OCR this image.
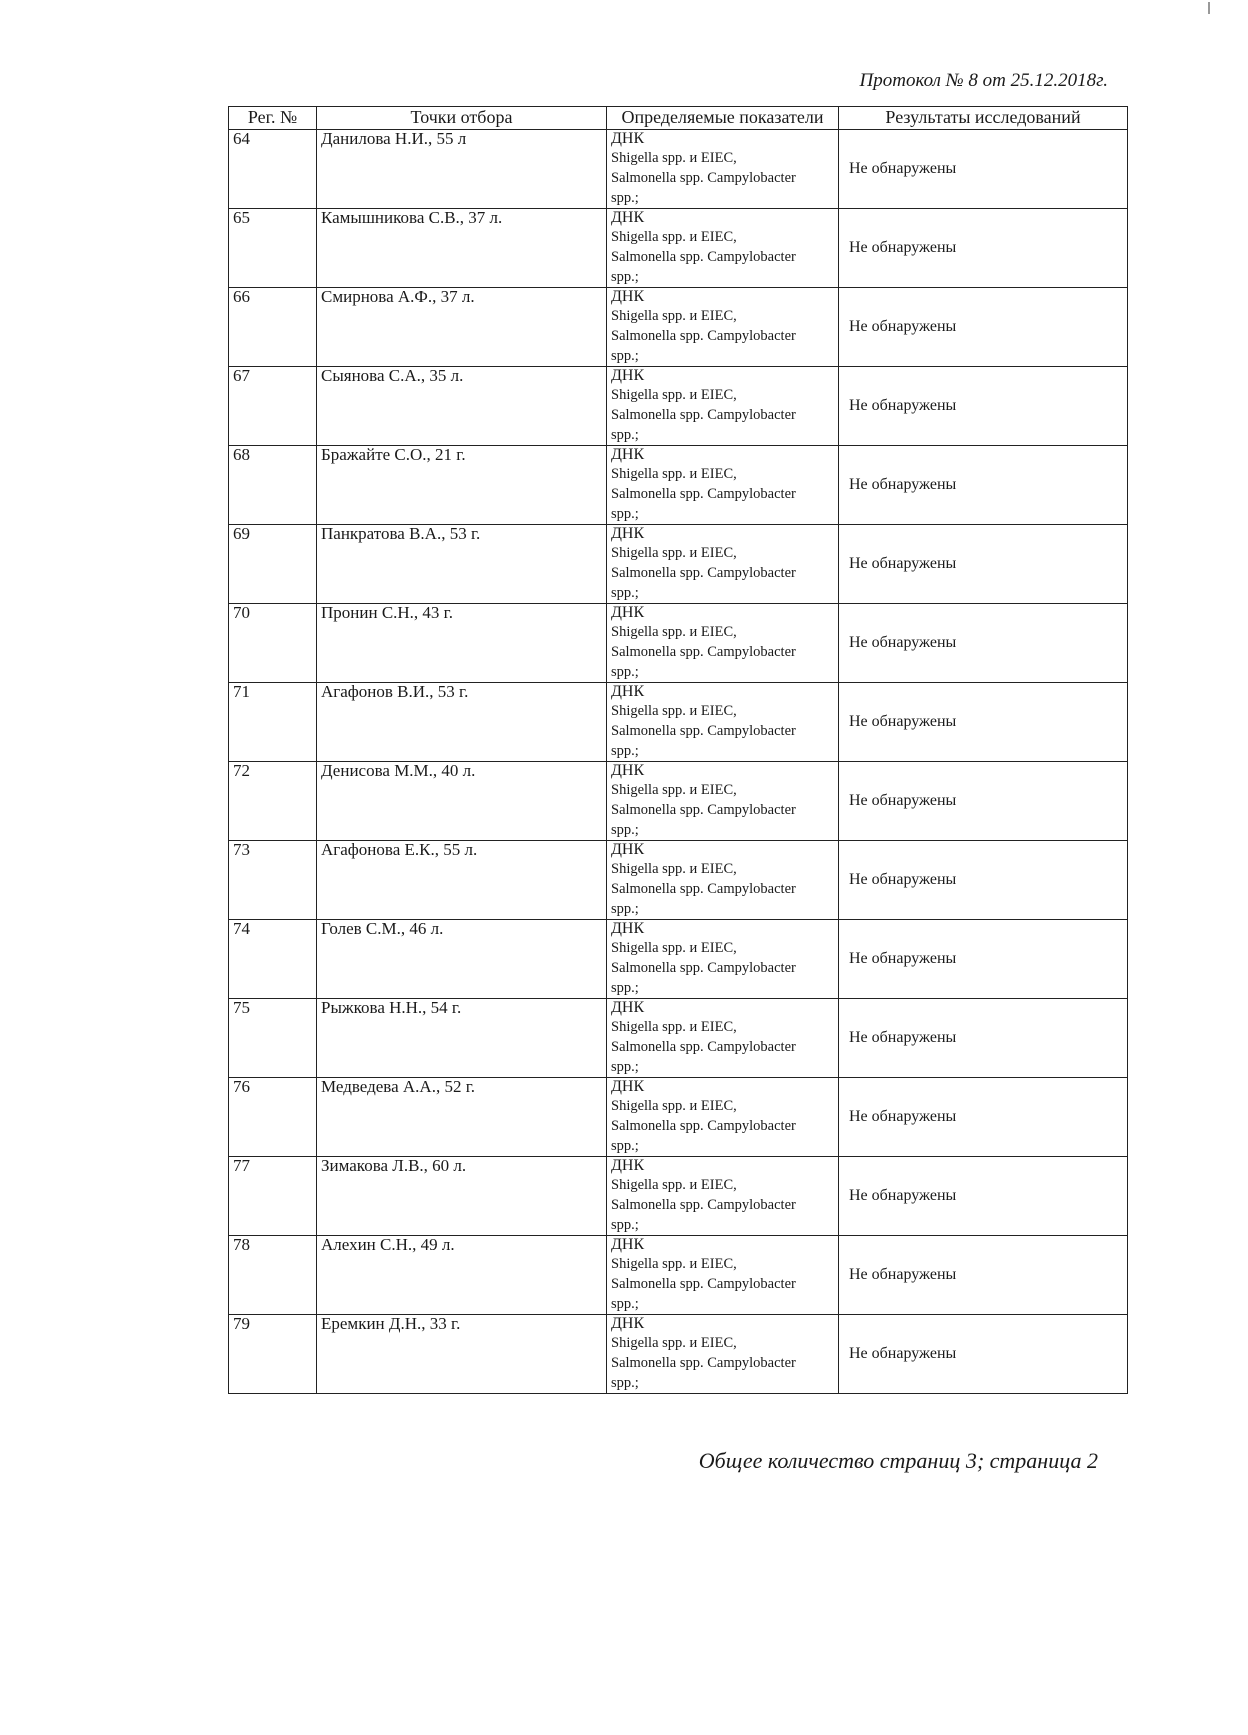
Протокол № 8 от 25.12.2018г.
Рег. №	Точки отбора	Определяемые показатели	Результаты исследований
64	Данилова Н.И., 55 л	ДНК
Shigella spp. и EIEC,
Salmonella spp. Campylobacter
spp.;	Не обнаружены
65	Камышникова С.В., 37 л.	ДНК
Shigella spp. и EIEC,
Salmonella spp. Campylobacter
spp.;	Не обнаружены
66	Смирнова А.Ф., 37 л.	ДНК
Shigella spp. и EIEC,
Salmonella spp. Campylobacter
spp.;	Не обнаружены
67	Сыянова С.А., 35 л.	ДНК
Shigella spp. и EIEC,
Salmonella spp. Campylobacter
spp.;	Не обнаружены
68	Бражайте С.О., 21 г.	ДНК
Shigella spp. и EIEC,
Salmonella spp. Campylobacter
spp.;	Не обнаружены
69	Панкратова В.А., 53 г.	ДНК
Shigella spp. и EIEC,
Salmonella spp. Campylobacter
spp.;	Не обнаружены
70	Пронин С.Н., 43 г.	ДНК
Shigella spp. и EIEC,
Salmonella spp. Campylobacter
spp.;	Не обнаружены
71	Агафонов В.И., 53 г.	ДНК
Shigella spp. и EIEC,
Salmonella spp. Campylobacter
spp.;	Не обнаружены
72	Денисова М.М., 40 л.	ДНК
Shigella spp. и EIEC,
Salmonella spp. Campylobacter
spp.;	Не обнаружены
73	Агафонова Е.К., 55 л.	ДНК
Shigella spp. и EIEC,
Salmonella spp. Campylobacter
spp.;	Не обнаружены
74	Голев С.М., 46 л.	ДНК
Shigella spp. и EIEC,
Salmonella spp. Campylobacter
spp.;	Не обнаружены
75	Рыжкова Н.Н., 54 г.	ДНК
Shigella spp. и EIEC,
Salmonella spp. Campylobacter
spp.;	Не обнаружены
76	Медведева А.А., 52 г.	ДНК
Shigella spp. и EIEC,
Salmonella spp. Campylobacter
spp.;	Не обнаружены
77	Зимакова Л.В., 60 л.	ДНК
Shigella spp. и EIEC,
Salmonella spp. Campylobacter
spp.;	Не обнаружены
78	Алехин С.Н., 49 л.	ДНК
Shigella spp. и EIEC,
Salmonella spp. Campylobacter
spp.;	Не обнаружены
79	Еремкин Д.Н., 33 г.	ДНК
Shigella spp. и EIEC,
Salmonella spp. Campylobacter
spp.;	Не обнаружены
Общее количество страниц 3; страница 2
